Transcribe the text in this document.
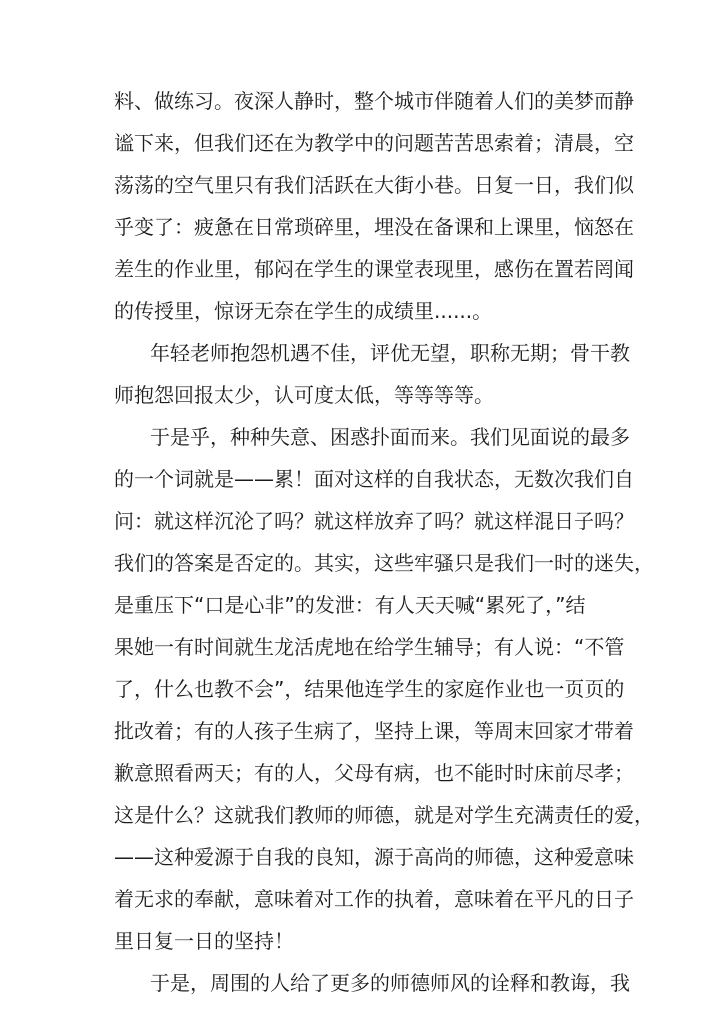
料、做练习。夜深人静时，整个城市伴随着人们的美梦而静
谧下来，但我们还在为教学中的问题苦苦思索着；清晨，空
荡荡的空气里只有我们活跃在大街小巷。日复一日，我们似
乎变了：疲惫在日常琐碎里，埋没在备课和上课里，恼怒在
差生的作业里，郁闷在学生的课堂表现里，感伤在置若罔闻
的传授里，惊讶无奈在学生的成绩里......。
年轻老师抱怨机遇不佳，评优无望，职称无期；骨干教
师抱怨回报太少，认可度太低，等等等等。
于是乎，种种失意、困惑扑面而来。我们见面说的最多
的一个词就是——累！面对这样的自我状态，无数次我们自
问：就这样沉沦了吗？就这样放弃了吗？就这样混日子吗？
我们的答案是否定的。其实，这些牢骚只是我们一时的迷失，
是重压下“口是心非”的发泄：有人天天喊“累死了，”结
果她一有时间就生龙活虎地在给学生辅导；有人说：“不管
了，什么也教不会”，结果他连学生的家庭作业也一页页的
批改着；有的人孩子生病了，坚持上课，等周末回家才带着
歉意照看两天；有的人，父母有病，也不能时时床前尽孝；
这是什么？这就我们教师的师德，就是对学生充满责任的爱，
——这种爱源于自我的良知，源于高尚的师德，这种爱意味
着无求的奉献，意味着对工作的执着，意味着在平凡的日子
里日复一日的坚持！
于是，周围的人给了更多的师德师风的诠释和教诲，我
